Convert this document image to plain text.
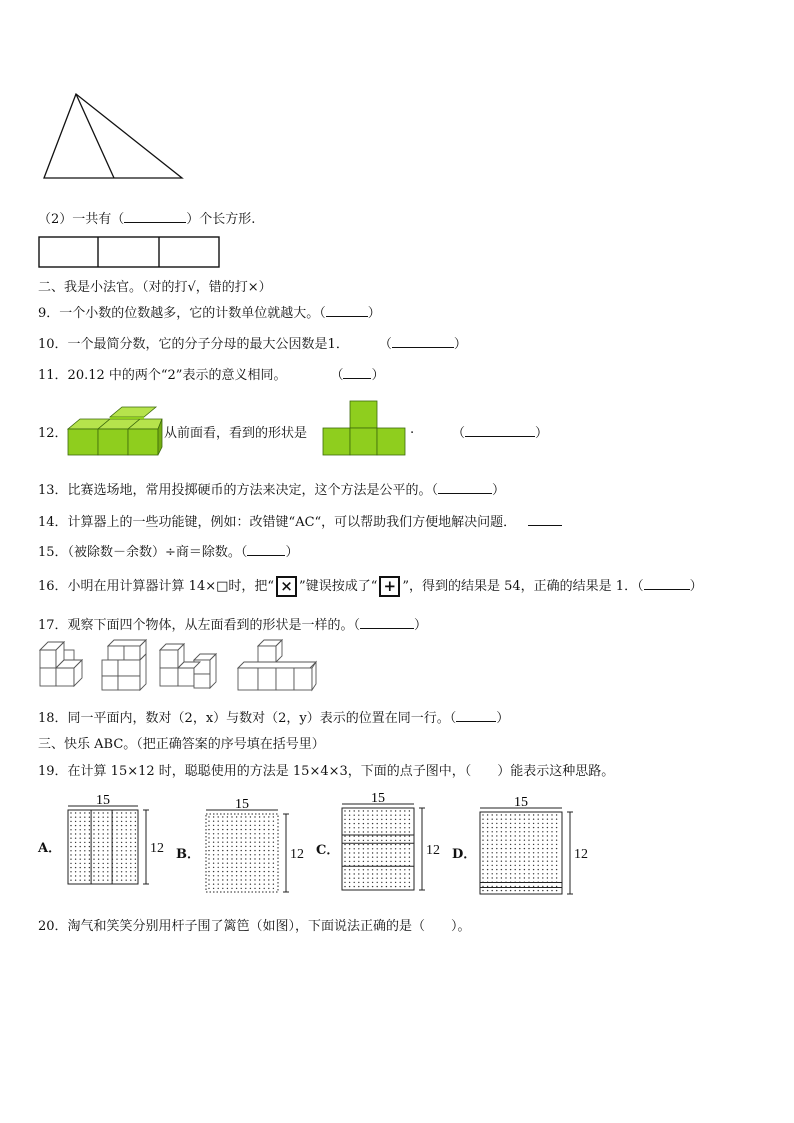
（2）一共有（	）个长方形.
二、我是小法官。（对的打√，错的打×）
9．一个小数的位数越多，它的计数单位就越大。（	）
10．一个最简分数，它的分子分母的最大公因数是1． （	）
11．20.12 中的两个“2”表示的意义相同。	（ ）
12．	从前面看，看到的形状是	.	（	）
13．比赛选场地，常用投掷硬币的方法来决定，这个方法是公平的。（	）
14．计算器上的一些功能键，例如：改错键“AC“，可以帮助我们方便地解决问题．
15．（被除数－余数）÷商＝除数。（	）
16．小明在用计算器计算 14×□时，把“ × ”键误按成了“ + ”，得到的结果是 54，正确的结果是 1．（	）
17．观察下面四个物体，从左面看到的形状是一样的。（	）
18．同一平面内，数对（2，x）与数对（2，y）表示的位置在同一行。（	）
三、快乐 ABC。（把正确答案的序号填在括号里）
19．在计算 15×12 时，聪聪使用的方法是 15×4×3，下面的点子图中，（　　）能表示这种思路。
A．
15
12 B．
15
12 C．
15
12 D．
15
12
20．淘气和笑笑分别用杆子围了篱笆（如图），下面说法正确的是（　　）。
